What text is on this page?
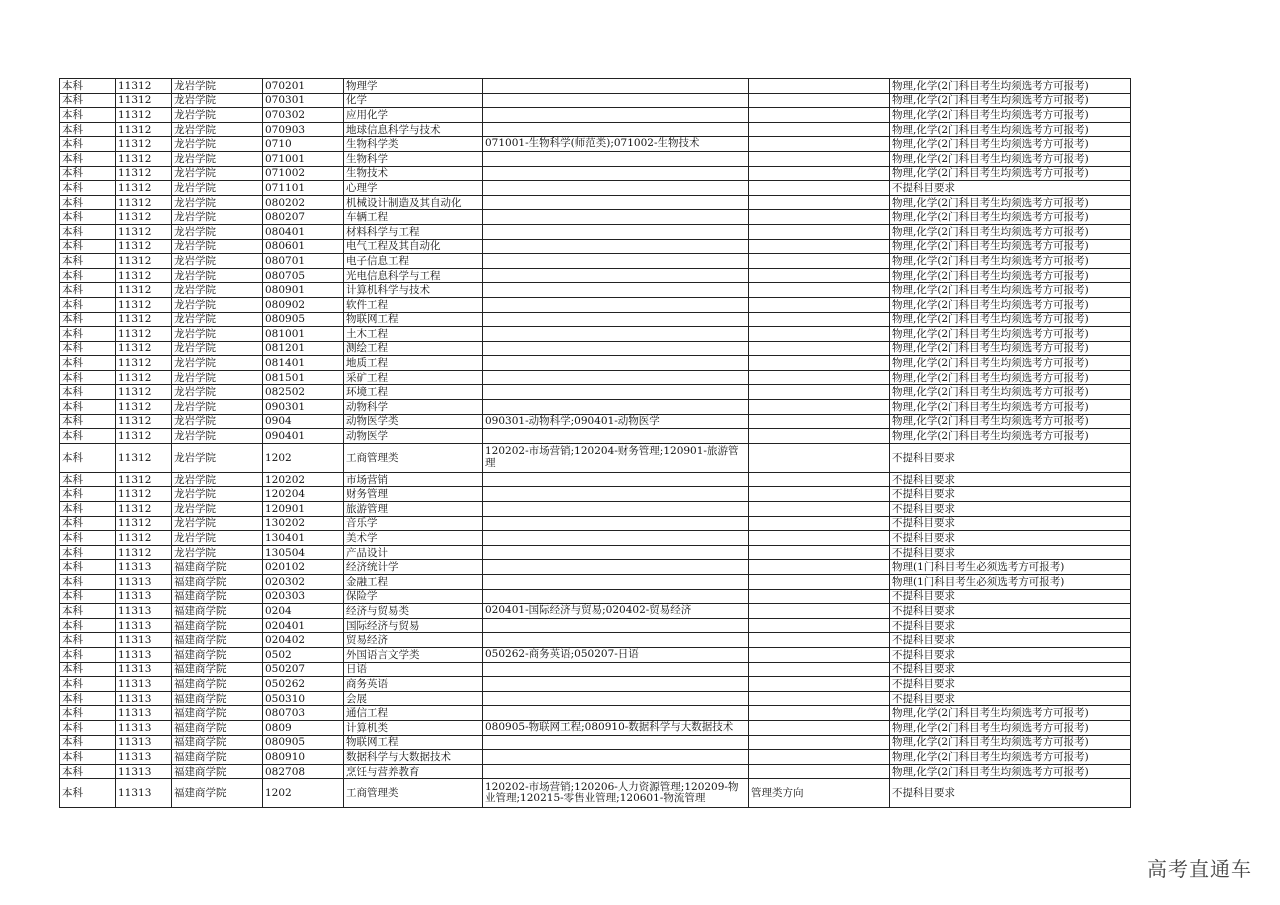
本科	11312	龙岩学院	070201	物理学			物理,化学(2门科目考生均须选考方可报考)
本科	11312	龙岩学院	070301	化学			物理,化学(2门科目考生均须选考方可报考)
本科	11312	龙岩学院	070302	应用化学			物理,化学(2门科目考生均须选考方可报考)
本科	11312	龙岩学院	070903	地球信息科学与技术			物理,化学(2门科目考生均须选考方可报考)
本科	11312	龙岩学院	0710	生物科学类	071001-生物科学(师范类);071002-生物技术		物理,化学(2门科目考生均须选考方可报考)
本科	11312	龙岩学院	071001	生物科学			物理,化学(2门科目考生均须选考方可报考)
本科	11312	龙岩学院	071002	生物技术			物理,化学(2门科目考生均须选考方可报考)
本科	11312	龙岩学院	071101	心理学			不提科目要求
本科	11312	龙岩学院	080202	机械设计制造及其自动化			物理,化学(2门科目考生均须选考方可报考)
本科	11312	龙岩学院	080207	车辆工程			物理,化学(2门科目考生均须选考方可报考)
本科	11312	龙岩学院	080401	材料科学与工程			物理,化学(2门科目考生均须选考方可报考)
本科	11312	龙岩学院	080601	电气工程及其自动化			物理,化学(2门科目考生均须选考方可报考)
本科	11312	龙岩学院	080701	电子信息工程			物理,化学(2门科目考生均须选考方可报考)
本科	11312	龙岩学院	080705	光电信息科学与工程			物理,化学(2门科目考生均须选考方可报考)
本科	11312	龙岩学院	080901	计算机科学与技术			物理,化学(2门科目考生均须选考方可报考)
本科	11312	龙岩学院	080902	软件工程			物理,化学(2门科目考生均须选考方可报考)
本科	11312	龙岩学院	080905	物联网工程			物理,化学(2门科目考生均须选考方可报考)
本科	11312	龙岩学院	081001	土木工程			物理,化学(2门科目考生均须选考方可报考)
本科	11312	龙岩学院	081201	测绘工程			物理,化学(2门科目考生均须选考方可报考)
本科	11312	龙岩学院	081401	地质工程			物理,化学(2门科目考生均须选考方可报考)
本科	11312	龙岩学院	081501	采矿工程			物理,化学(2门科目考生均须选考方可报考)
本科	11312	龙岩学院	082502	环境工程			物理,化学(2门科目考生均须选考方可报考)
本科	11312	龙岩学院	090301	动物科学			物理,化学(2门科目考生均须选考方可报考)
本科	11312	龙岩学院	0904	动物医学类	090301-动物科学;090401-动物医学		物理,化学(2门科目考生均须选考方可报考)
本科	11312	龙岩学院	090401	动物医学			物理,化学(2门科目考生均须选考方可报考)
本科	11312	龙岩学院	1202	工商管理类	120202-市场营销;120204-财务管理;120901-旅游管理		不提科目要求
本科	11312	龙岩学院	120202	市场营销			不提科目要求
本科	11312	龙岩学院	120204	财务管理			不提科目要求
本科	11312	龙岩学院	120901	旅游管理			不提科目要求
本科	11312	龙岩学院	130202	音乐学			不提科目要求
本科	11312	龙岩学院	130401	美术学			不提科目要求
本科	11312	龙岩学院	130504	产品设计			不提科目要求
本科	11313	福建商学院	020102	经济统计学			物理(1门科目考生必须选考方可报考)
本科	11313	福建商学院	020302	金融工程			物理(1门科目考生必须选考方可报考)
本科	11313	福建商学院	020303	保险学			不提科目要求
本科	11313	福建商学院	0204	经济与贸易类	020401-国际经济与贸易;020402-贸易经济		不提科目要求
本科	11313	福建商学院	020401	国际经济与贸易			不提科目要求
本科	11313	福建商学院	020402	贸易经济			不提科目要求
本科	11313	福建商学院	0502	外国语言文学类	050262-商务英语;050207-日语		不提科目要求
本科	11313	福建商学院	050207	日语			不提科目要求
本科	11313	福建商学院	050262	商务英语			不提科目要求
本科	11313	福建商学院	050310	会展			不提科目要求
本科	11313	福建商学院	080703	通信工程			物理,化学(2门科目考生均须选考方可报考)
本科	11313	福建商学院	0809	计算机类	080905-物联网工程;080910-数据科学与大数据技术		物理,化学(2门科目考生均须选考方可报考)
本科	11313	福建商学院	080905	物联网工程			物理,化学(2门科目考生均须选考方可报考)
本科	11313	福建商学院	080910	数据科学与大数据技术			物理,化学(2门科目考生均须选考方可报考)
本科	11313	福建商学院	082708	烹饪与营养教育			物理,化学(2门科目考生均须选考方可报考)
本科	11313	福建商学院	1202	工商管理类	120202-市场营销;120206-人力资源管理;120209-物业管理;120215-零售业管理;120601-物流管理	管理类方向	不提科目要求
高考直通车
